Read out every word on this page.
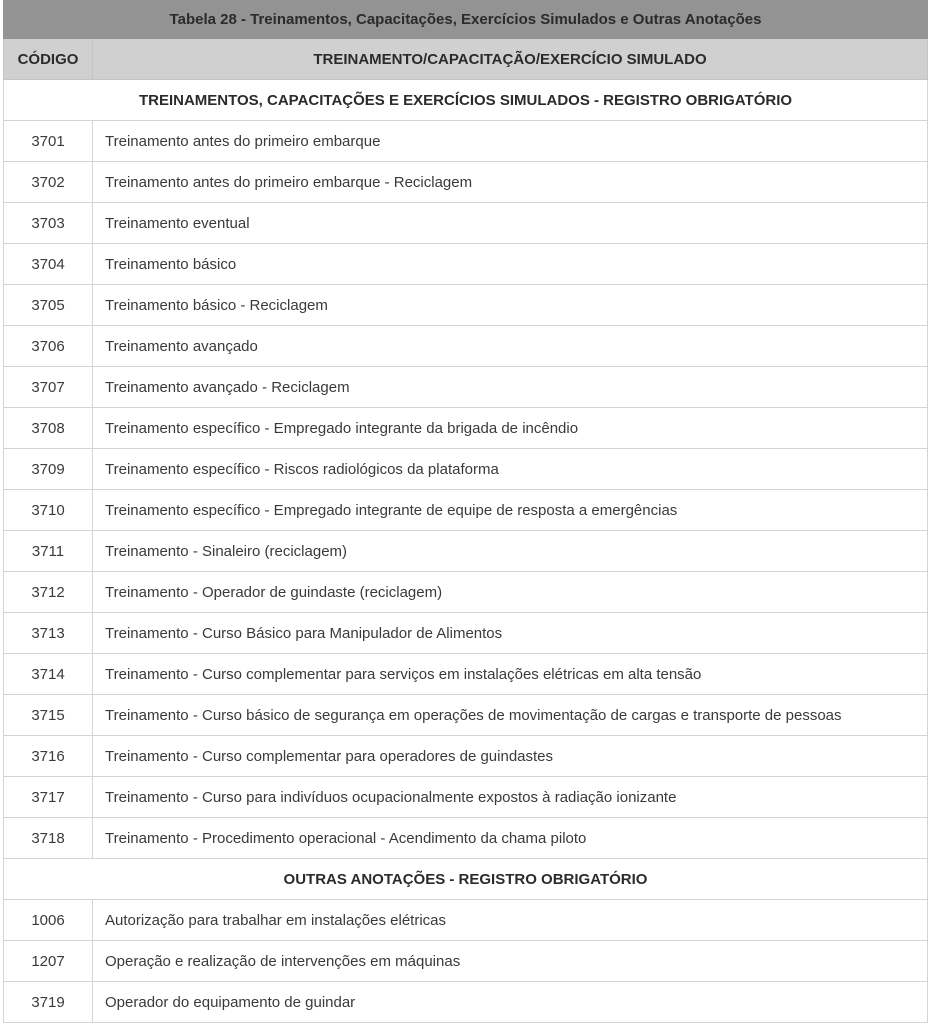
Tabela 28 - Treinamentos, Capacitações, Exercícios Simulados e Outras Anotações	
CÓDIGO	TREINAMENTO/CAPACITAÇÃO/EXERCÍCIO SIMULADO
TREINAMENTOS, CAPACITAÇÕES E EXERCÍCIOS SIMULADOS - REGISTRO OBRIGATÓRIO	
3701	Treinamento antes do primeiro embarque
3702	Treinamento antes do primeiro embarque - Reciclagem
3703	Treinamento eventual
3704	Treinamento básico
3705	Treinamento básico - Reciclagem
3706	Treinamento avançado
3707	Treinamento avançado - Reciclagem
3708	Treinamento específico - Empregado integrante da brigada de incêndio
3709	Treinamento específico - Riscos radiológicos da plataforma
3710	Treinamento específico - Empregado integrante de equipe de resposta a emergências
3711	Treinamento - Sinaleiro (reciclagem)
3712	Treinamento - Operador de guindaste (reciclagem)
3713	Treinamento - Curso Básico para Manipulador de Alimentos
3714	Treinamento - Curso complementar para serviços em instalações elétricas em alta tensão
3715	Treinamento - Curso básico de segurança em operações de movimentação de cargas e transporte de pessoas
3716	Treinamento - Curso complementar para operadores de guindastes
3717	Treinamento - Curso para indivíduos ocupacionalmente expostos à radiação ionizante
3718	Treinamento - Procedimento operacional - Acendimento da chama piloto
OUTRAS ANOTAÇÕES - REGISTRO OBRIGATÓRIO	
1006	Autorização para trabalhar em instalações elétricas
1207	Operação e realização de intervenções em máquinas
3719	Operador do equipamento de guindar
